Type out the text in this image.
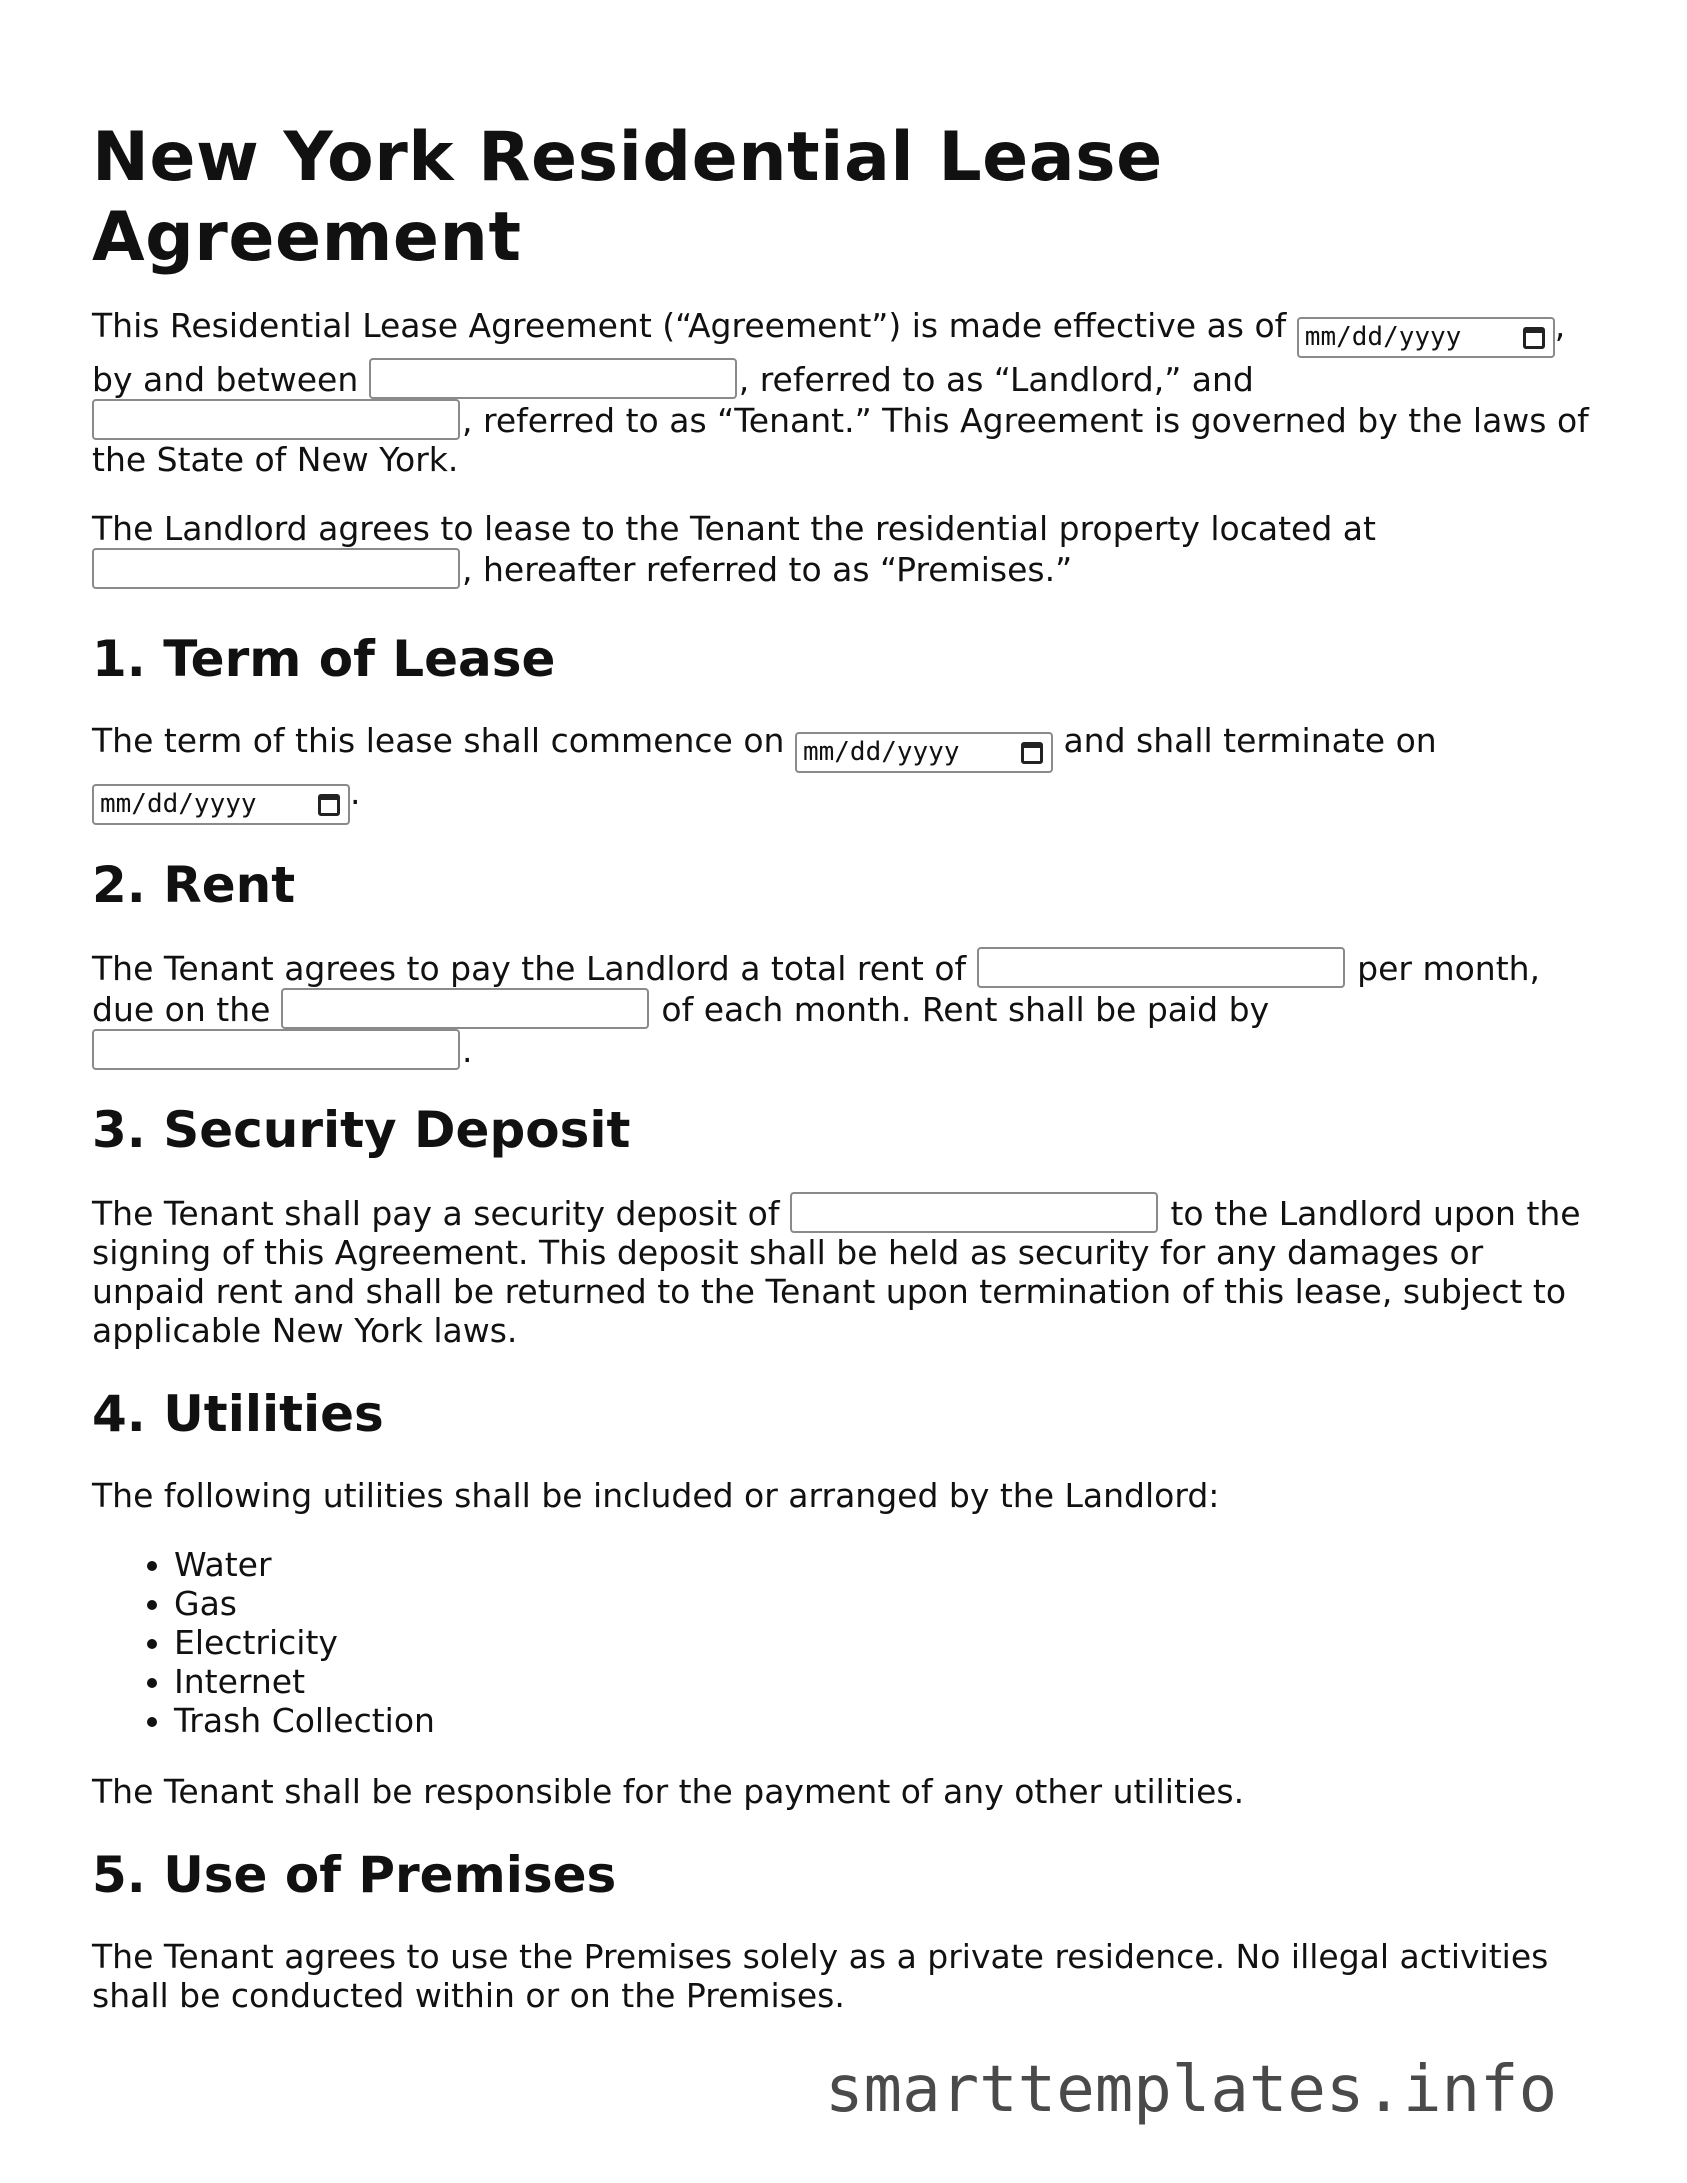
New York Residential Lease Agreement

This Residential Lease Agreement (“Agreement”) is made effective as of mm/dd/yyyy	, by and between	, referred to as “Landlord,” and , referred to as “Tenant.” This Agreement is governed by the laws of the State of New York.

The Landlord agrees to lease to the Tenant the residential property located at , hereafter referred to as “Premises.”

1. Term of Lease

The term of this lease shall commence on mm/dd/yyyy	and shall terminate on
mm/dd/yyyy	.

2. Rent

The Tenant agrees to pay the Landlord a total rent of	per month, due on the	of each month. Rent shall be paid by .

3. Security Deposit

The Tenant shall pay a security deposit of	to the Landlord upon the signing of this Agreement. This deposit shall be held as security for any damages or unpaid rent and shall be returned to the Tenant upon termination of this lease, subject to applicable New York laws.

4. Utilities

The following utilities shall be included or arranged by the Landlord:

• Water
• Gas
• Electricity
• Internet
• Trash Collection

The Tenant shall be responsible for the payment of any other utilities.

5. Use of Premises

The Tenant agrees to use the Premises solely as a private residence. No illegal activities shall be conducted within or on the Premises.

smarttemplates.info
